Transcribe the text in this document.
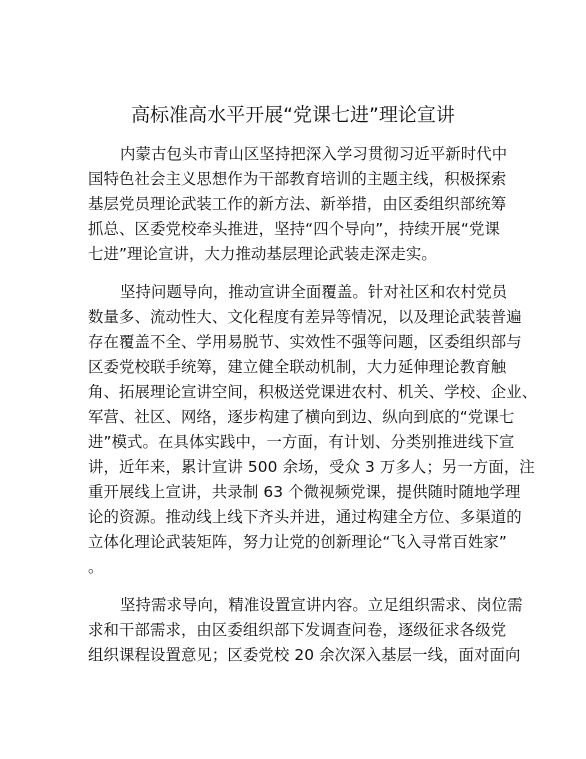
高标准高水平开展“党课七进”理论宣讲
内蒙古包头市青山区坚持把深入学习贯彻习近平新时代中
国特色社会主义思想作为干部教育培训的主题主线，积极探索
基层党员理论武装工作的新方法、新举措，由区委组织部统筹
抓总、区委党校牵头推进，坚持“四个导向”，持续开展“党课
七进”理论宣讲，大力推动基层理论武装走深走实。
坚持问题导向，推动宣讲全面覆盖。针对社区和农村党员
数量多、流动性大、文化程度有差异等情况，以及理论武装普遍
存在覆盖不全、学用易脱节、实效性不强等问题，区委组织部与
区委党校联手统筹，建立健全联动机制，大力延伸理论教育触
角、拓展理论宣讲空间，积极送党课进农村、机关、学校、企业、
军营、社区、网络，逐步构建了横向到边、纵向到底的“党课七
进”模式。在具体实践中，一方面，有计划、分类别推进线下宣
讲，近年来，累计宣讲 500 余场，受众 3 万多人；另一方面，注
重开展线上宣讲，共录制 63 个微视频党课，提供随时随地学理
论的资源。推动线上线下齐头并进，通过构建全方位、多渠道的
立体化理论武装矩阵，努力让党的创新理论“飞入寻常百姓家”
。
坚持需求导向，精准设置宣讲内容。立足组织需求、岗位需
求和干部需求，由区委组织部下发调查问卷，逐级征求各级党
组织课程设置意见；区委党校 20 余次深入基层一线，面对面向
